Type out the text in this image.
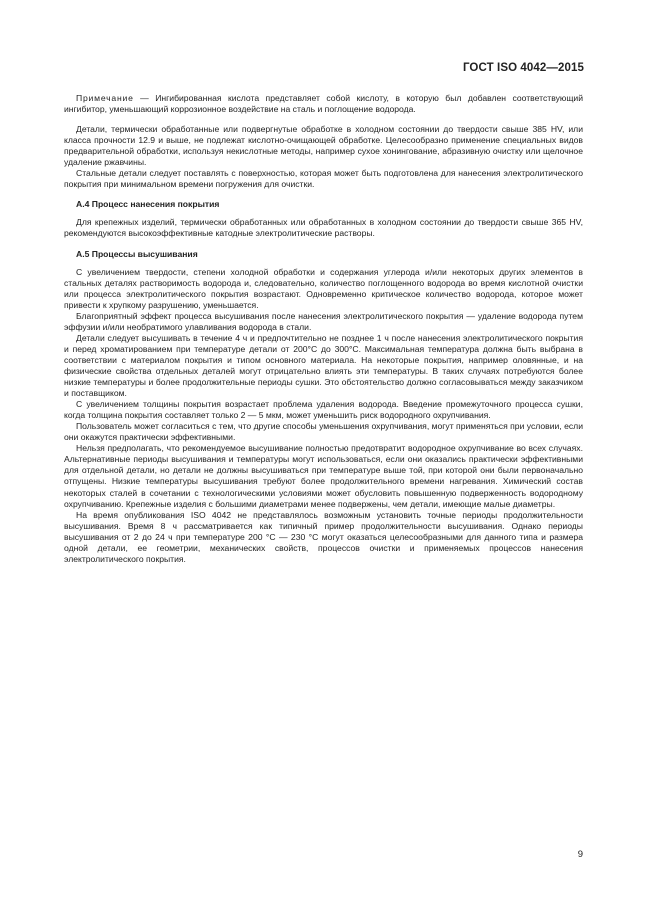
ГОСТ ISO 4042—2015

Примечание — Ингибированная кислота представляет собой кислоту, в которую был добавлен соответствующий ингибитор, уменьшающий коррозионное воздействие на сталь и поглощение водорода.

Детали, термически обработанные или подвергнутые обработке в холодном состоянии до твердости свыше 385 HV, или класса прочности 12.9 и выше, не подлежат кислотно-очищающей обработке. Целесообразно применение специальных видов предварительной обработки, используя некислотные методы, например сухое хонингование, абразивную очистку или щелочное удаление ржавчины.

Стальные детали следует поставлять с поверхностью, которая может быть подготовлена для нанесения электролитического покрытия при минимальном времени погружения для очистки.

А.4 Процесс нанесения покрытия

Для крепежных изделий, термически обработанных или обработанных в холодном состоянии до твердости свыше 365 HV, рекомендуются высокоэффективные катодные электролитические растворы.

А.5 Процессы высушивания

С увеличением твердости, степени холодной обработки и содержания углерода и/или некоторых других элементов в стальных деталях растворимость водорода и, следовательно, количество поглощенного водорода во время кислотной очистки или процесса электролитического покрытия возрастают. Одновременно критическое количество водорода, которое может привести к хрупкому разрушению, уменьшается.

Благоприятный эффект процесса высушивания после нанесения электролитического покрытия — удаление водорода путем эффузии и/или необратимого улавливания водорода в стали.

Детали следует высушивать в течение 4 ч и предпочтительно не позднее 1 ч после нанесения электролитического покрытия и перед хроматированием при температуре детали от 200°С до 300°С. Максимальная температура должна быть выбрана в соответствии с материалом покрытия и типом основного материала. На некоторые покрытия, например оловянные, и на физические свойства отдельных деталей могут отрицательно влиять эти температуры. В таких случаях потребуются более низкие температуры и более продолжительные периоды сушки. Это обстоятельство должно согласовываться между заказчиком и поставщиком.

С увеличением толщины покрытия возрастает проблема удаления водорода. Введение промежуточного процесса сушки, когда толщина покрытия составляет только 2 — 5 мкм, может уменьшить риск водородного охрупчивания.

Пользователь может согласиться с тем, что другие способы уменьшения охрупчивания, могут применяться при условии, если они окажутся практически эффективными.

Нельзя предполагать, что рекомендуемое высушивание полностью предотвратит водородное охрупчивание во всех случаях. Альтернативные периоды высушивания и температуры могут использоваться, если они оказались практически эффективными для отдельной детали, но детали не должны высушиваться при температуре выше той, при которой они были первоначально отпущены. Низкие температуры высушивания требуют более продолжительного времени нагревания. Химический состав некоторых сталей в сочетании с технологическими условиями может обусловить повышенную подверженность водородному охрупчиванию. Крепежные изделия с большими диаметрами менее подвержены, чем детали, имеющие малые диаметры.

На время опубликования ISO 4042 не представлялось возможным установить точные периоды продолжительности высушивания. Время 8 ч рассматривается как типичный пример продолжительности высушивания. Однако периоды высушивания от 2 до 24 ч при температуре 200 °С — 230 °С могут оказаться целесообразными для данного типа и размера одной детали, ее геометрии, механических свойств, процессов очистки и применяемых процессов нанесения электролитического покрытия.

9
